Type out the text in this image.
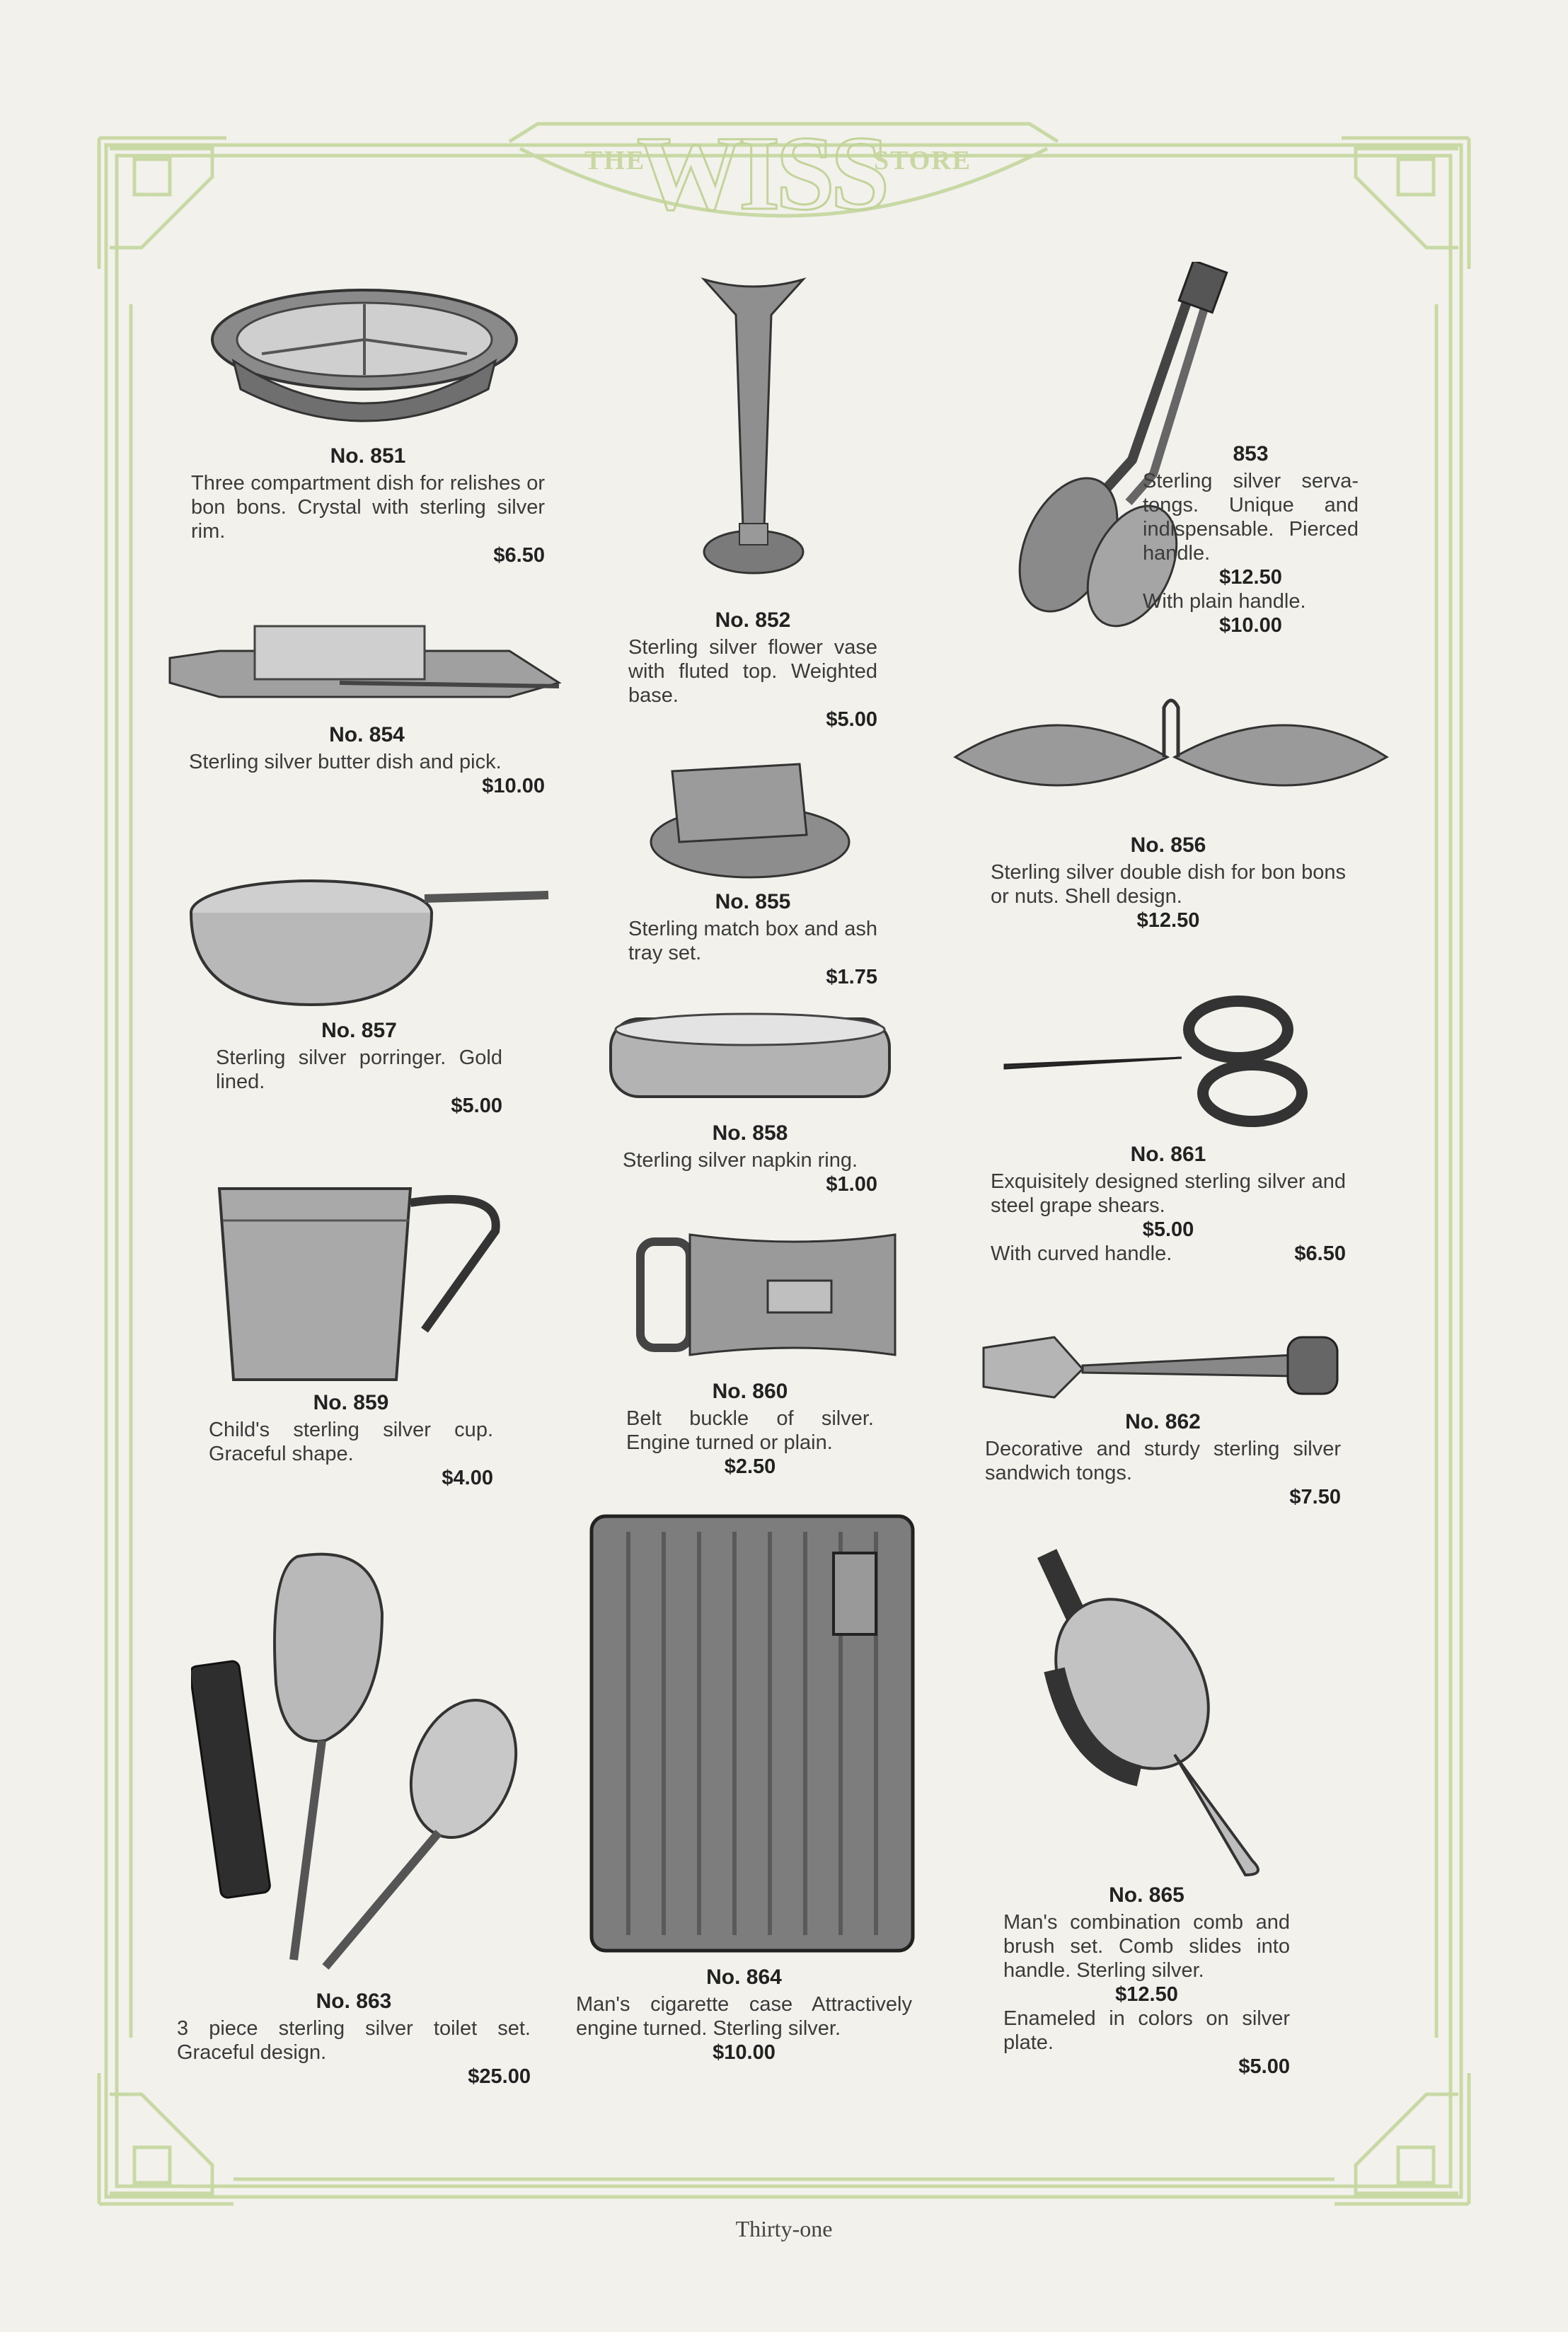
THE
WISS
STORE
No. 851
Three compartment dish for relishes or bon bons. Crystal with sterling silver rim.
$6.50
No. 852
Sterling silver flower vase with fluted top. Weighted base.
$5.00
853
Sterling silver serva-tongs. Unique and indispensable. Pierced handle.
$12.50
With plain handle.
$10.00
No. 854
Sterling silver butter dish and pick.
$10.00
No. 855
Sterling match box and ash tray set.
$1.75
No. 856
Sterling silver double dish for bon bons or nuts. Shell design.
$12.50
No. 857
Sterling silver porringer. Gold lined.
$5.00
No. 858
Sterling silver napkin ring.
$1.00
No. 861
Exquisitely designed sterling silver and steel grape shears.
$5.00
With curved handle.	$6.50
No. 859
Child's sterling silver cup. Graceful shape.
$4.00
No. 860
Belt buckle of silver. Engine turned or plain.
$2.50
No. 862
Decorative and sturdy sterling silver sandwich tongs.
$7.50
No. 863
3 piece sterling silver toilet set. Graceful design.
$25.00
No. 864
Man's cigarette case Attractively engine turned. Sterling silver.
$10.00
No. 865
Man's combination comb and brush set. Comb slides into handle. Sterling silver.
$12.50
Enameled in colors on silver plate.
$5.00
Thirty-one
